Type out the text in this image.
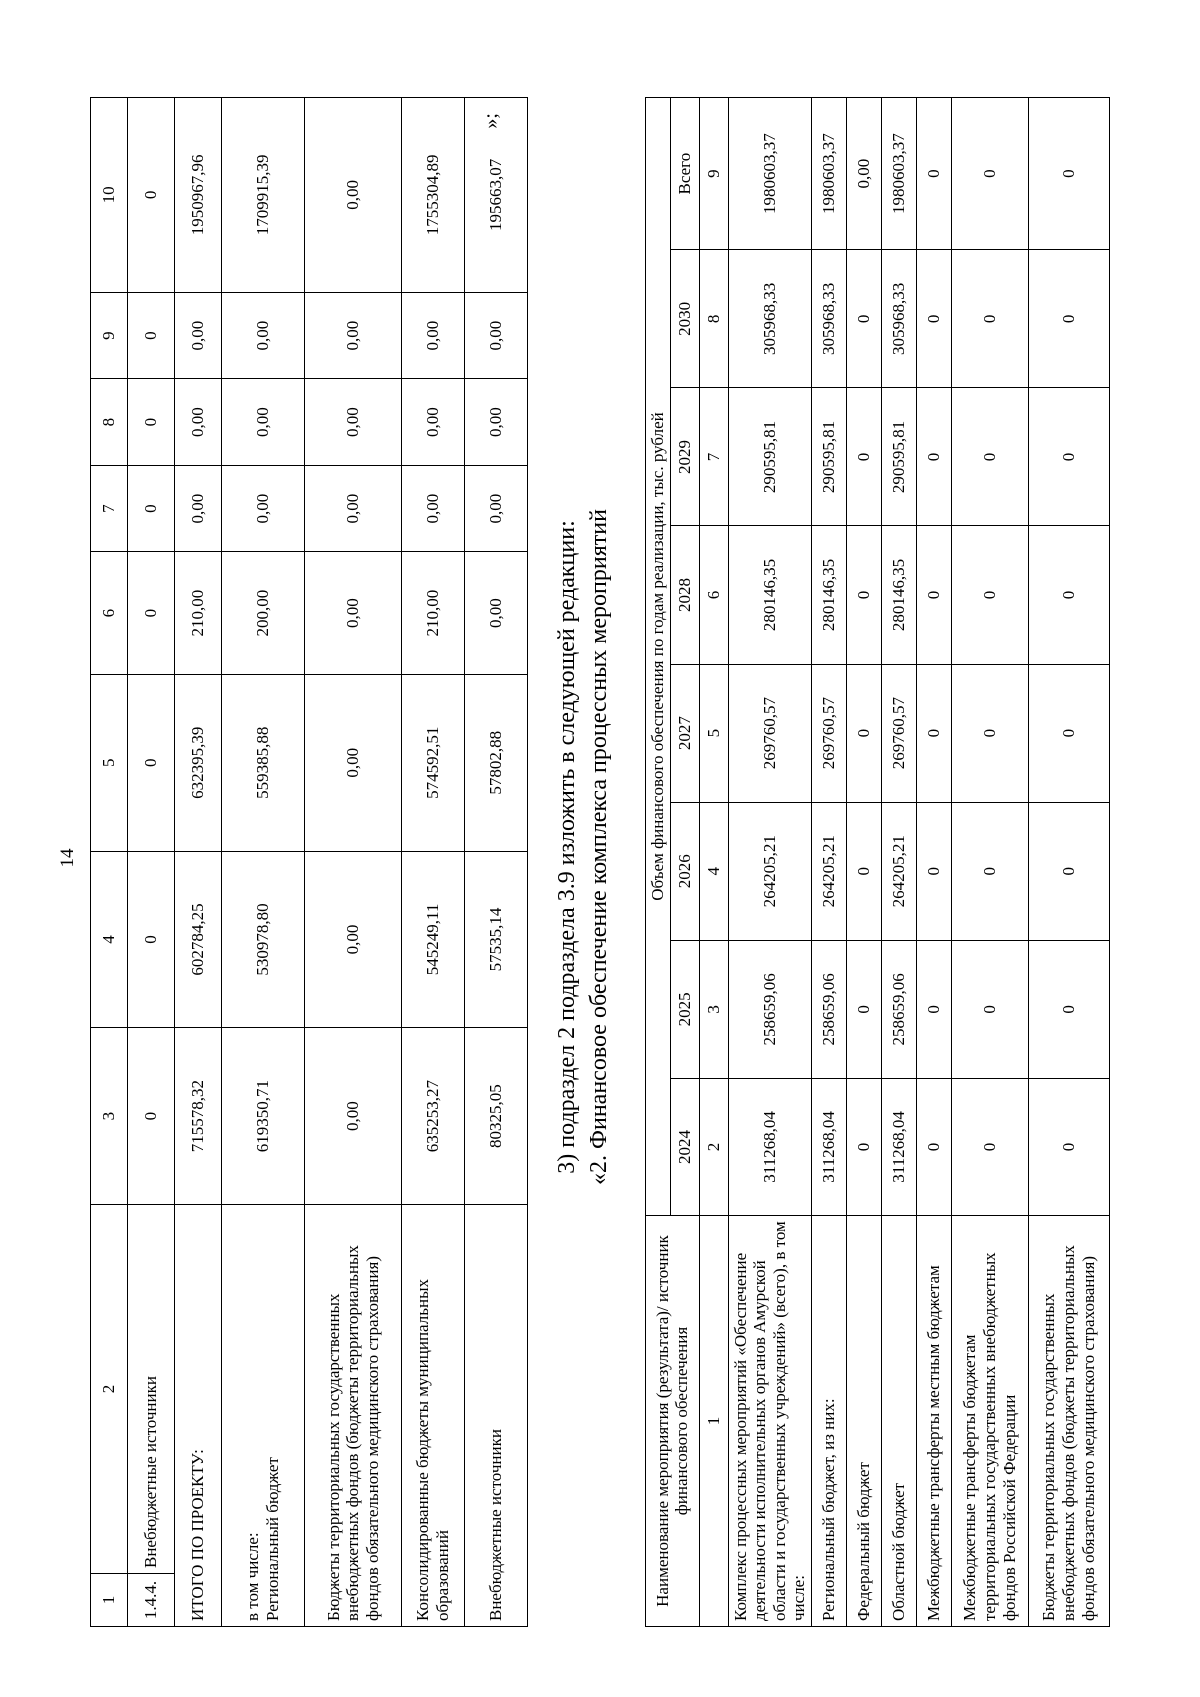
14
1	2	3	4	5	6	7	8	9	10
1.4.4.	Внебюджетные источники	0	0	0	0	0	0	0	0
ИТОГО ПО ПРОЕКТУ:		715578,32	602784,25	632395,39	210,00	0,00	0,00	0,00	1950967,96
в том числе:
Региональный бюджет		619350,71	530978,80	559385,88	200,00	0,00	0,00	0,00	1709915,39
Бюджеты территориальных государственных внебюджетных фондов (бюджеты территориальных фондов обязательного медицинского страхования)		0,00	0,00	0,00	0,00	0,00	0,00	0,00	0,00
Консолидированные бюджеты муниципальных образований		635253,27	545249,11	574592,51	210,00	0,00	0,00	0,00	1755304,89
Внебюджетные источники		80325,05	57535,14	57802,88	0,00	0,00	0,00	0,00	195663,07
»;
3) подраздел 2 подраздела 3.9 изложить в следующей редакции: «2. Финансовое обеспечение комплекса процессных мероприятий
Наименование мероприятия (результата)/ источник финансового обеспечения	Объем финансового обеспечения по годам реализации, тыс. рублей							
	2024	2025	2026	2027	2028	2029	2030	Всего
1	2	3	4	5	6	7	8	9
Комплекс процессных мероприятий «Обеспечение деятельности исполнительных органов Амурской области и государственных учреждений» (всего), в том числе:	311268,04	258659,06	264205,21	269760,57	280146,35	290595,81	305968,33	1980603,37
Региональный бюджет, из них:	311268,04	258659,06	264205,21	269760,57	280146,35	290595,81	305968,33	1980603,37
Федеральный бюджет	0	0	0	0	0	0	0	0,00
Областной бюджет	311268,04	258659,06	264205,21	269760,57	280146,35	290595,81	305968,33	1980603,37
Межбюджетные трансферты местным бюджетам	0	0	0	0	0	0	0	0
Межбюджетные трансферты бюджетам территориальных государственных внебюджетных фондов Российской Федерации	0	0	0	0	0	0	0	0
Бюджеты территориальных государственных внебюджетных фондов (бюджеты территориальных фондов обязательного медицинского страхования)	0	0	0	0	0	0	0	0
